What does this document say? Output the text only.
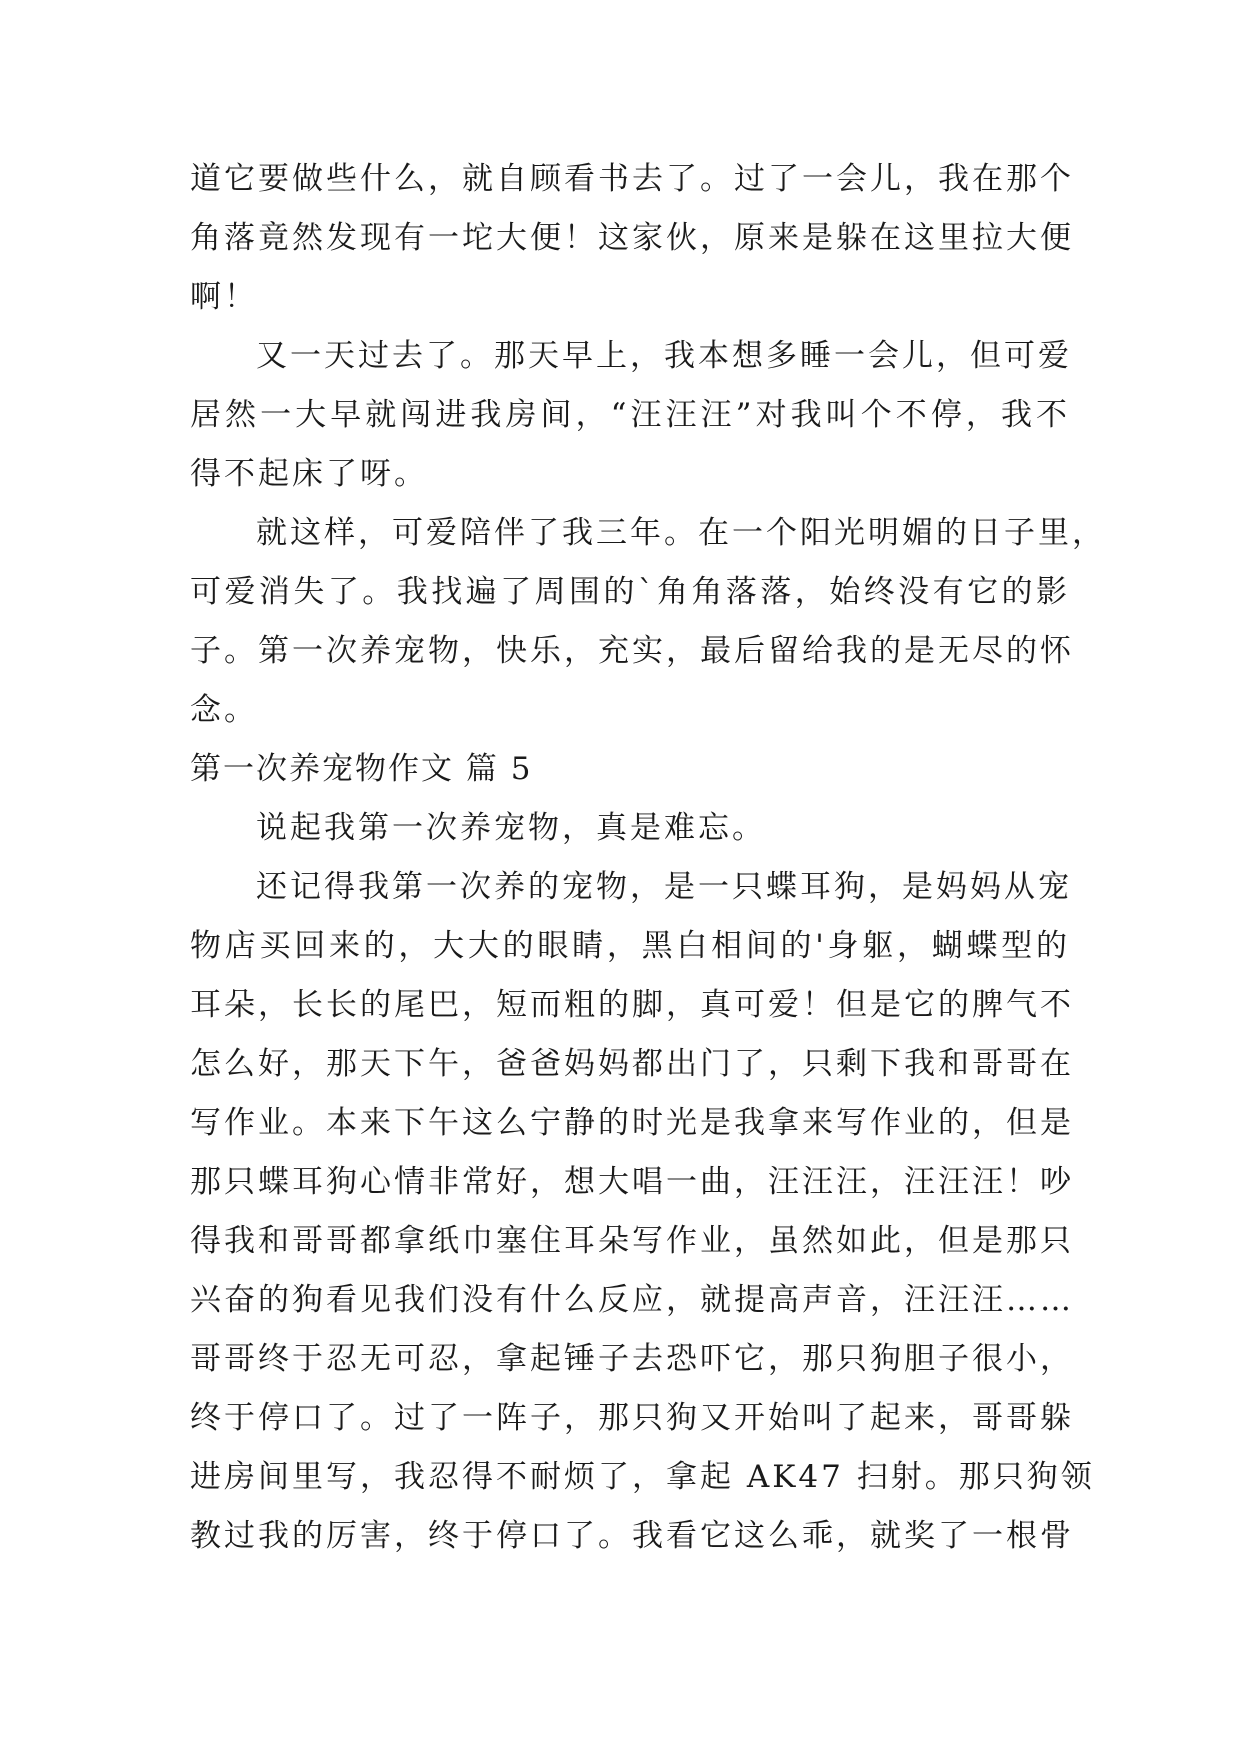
道它要做些什么，就自顾看书去了。过了一会儿，我在那个
角落竟然发现有一坨大便！这家伙，原来是躲在这里拉大便
啊！
又一天过去了。那天早上，我本想多睡一会儿，但可爱
居然一大早就闯进我房间，“汪汪汪”对我叫个不停，我不
得不起床了呀。
就这样，可爱陪伴了我三年。在一个阳光明媚的日子里，
可爱消失了。我找遍了周围的`角角落落，始终没有它的影
子。第一次养宠物，快乐，充实，最后留给我的是无尽的怀
念。
第一次养宠物作文 篇 5
说起我第一次养宠物，真是难忘。
还记得我第一次养的宠物，是一只蝶耳狗，是妈妈从宠
物店买回来的，大大的眼睛，黑白相间的'身躯，蝴蝶型的
耳朵，长长的尾巴，短而粗的脚，真可爱！但是它的脾气不
怎么好，那天下午，爸爸妈妈都出门了，只剩下我和哥哥在
写作业。本来下午这么宁静的时光是我拿来写作业的，但是
那只蝶耳狗心情非常好，想大唱一曲，汪汪汪，汪汪汪！吵
得我和哥哥都拿纸巾塞住耳朵写作业，虽然如此，但是那只
兴奋的狗看见我们没有什么反应，就提高声音，汪汪汪……
哥哥终于忍无可忍，拿起锤子去恐吓它，那只狗胆子很小，
终于停口了。过了一阵子，那只狗又开始叫了起来，哥哥躲
进房间里写，我忍得不耐烦了，拿起 AK47 扫射。那只狗领
教过我的厉害，终于停口了。我看它这么乖，就奖了一根骨
